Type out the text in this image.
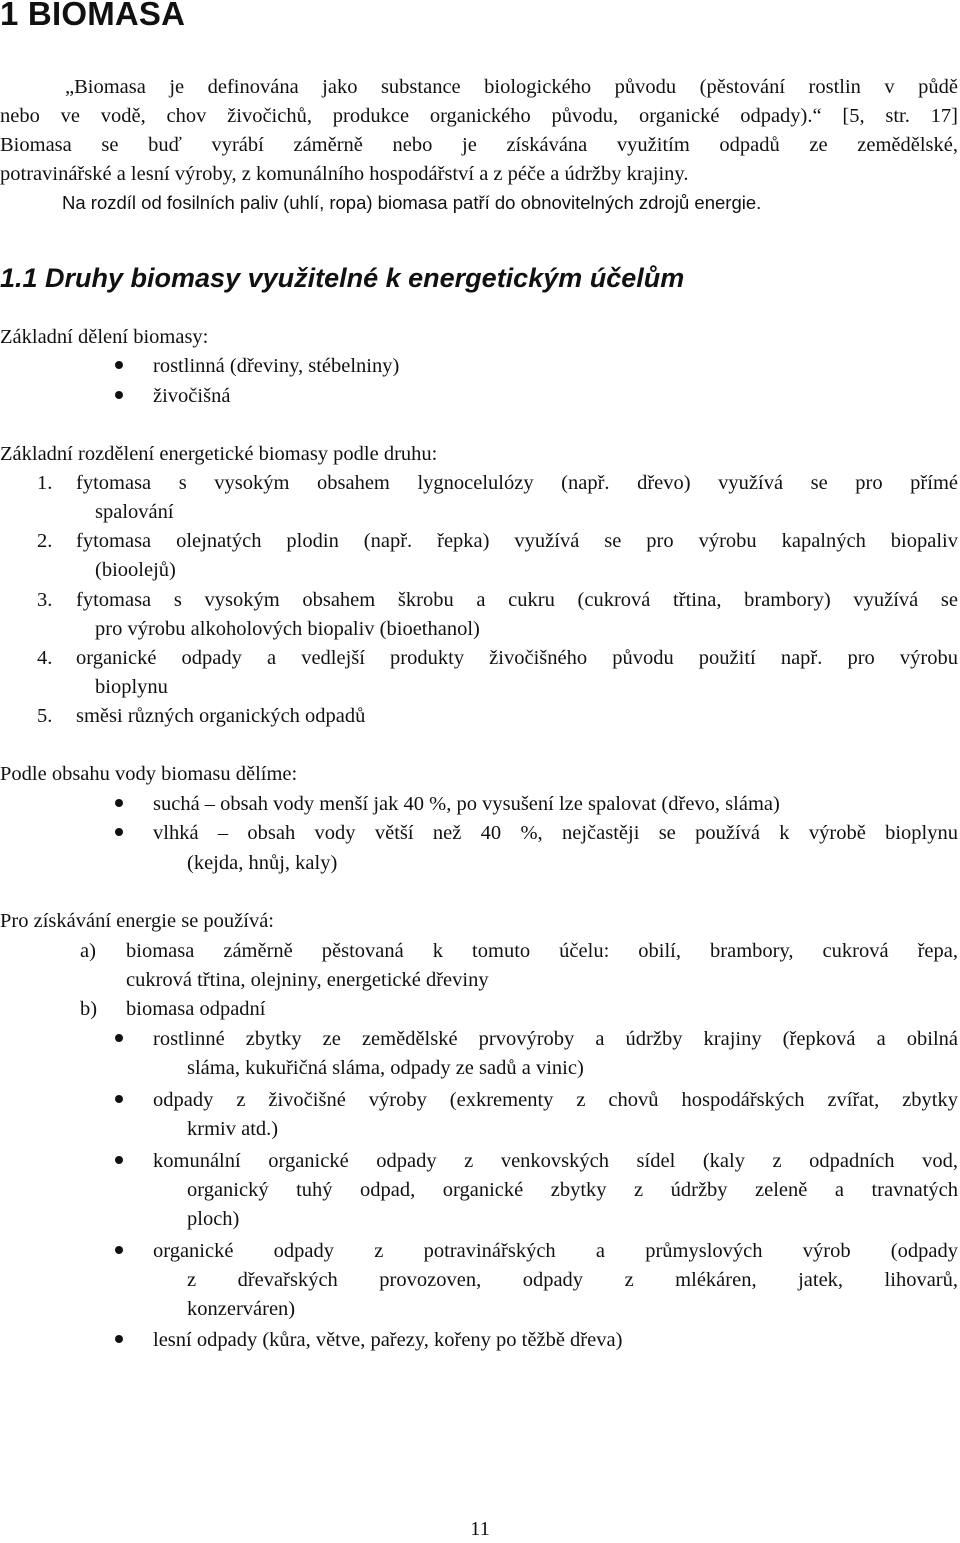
1 BIOMASA
„Biomasa je definována jako substance biologického původu (pěstování rostlin v půdě
nebo ve vodě, chov živočichů, produkce organického původu, organické odpady).“ [5, str. 17]
Biomasa se buď vyrábí záměrně nebo je získávána využitím odpadů ze zemědělské,
potravinářské a lesní výroby, z komunálního hospodářství a z péče a údržby krajiny.
Na rozdíl od fosilních paliv (uhlí, ropa) biomasa patří do obnovitelných zdrojů energie.
1.1 Druhy biomasy využitelné k energetickým účelům
Základní dělení biomasy:
rostlinná (dřeviny, stébelniny)
živočišná
Základní rozdělení energetické biomasy podle druhu:
1. fytomasa s vysokým obsahem lygnocelulózy (např. dřevo) využívá se pro přímé
spalování
2. fytomasa olejnatých plodin (např. řepka) využívá se pro výrobu kapalných biopaliv
(bioolejů)
3. fytomasa s vysokým obsahem škrobu a cukru (cukrová třtina, brambory) využívá se
pro výrobu alkoholových biopaliv (bioethanol)
4. organické odpady a vedlejší produkty živočišného původu použití např. pro výrobu
bioplynu
5. směsi různých organických odpadů
Podle obsahu vody biomasu dělíme:
suchá – obsah vody menší jak 40 %, po vysušení lze spalovat (dřevo, sláma)
vlhká – obsah vody větší než 40 %, nejčastěji se používá k výrobě bioplynu
(kejda, hnůj, kaly)
Pro získávání energie se používá:
a) biomasa záměrně pěstovaná k tomuto účelu: obilí, brambory, cukrová řepa,
cukrová třtina, olejniny, energetické dřeviny
b) biomasa odpadní
rostlinné zbytky ze zemědělské prvovýroby a údržby krajiny (řepková a obilná
sláma, kukuřičná sláma, odpady ze sadů a vinic)
odpady z živočišné výroby (exkrementy z chovů hospodářských zvířat, zbytky
krmiv atd.)
komunální organické odpady z venkovských sídel (kaly z odpadních vod,
organický tuhý odpad, organické zbytky z údržby zeleně a travnatých
ploch)
organické odpady z potravinářských a průmyslových výrob (odpady
z dřevařských provozoven, odpady z mlékáren, jatek, lihovarů,
konzerváren)
lesní odpady (kůra, větve, pařezy, kořeny po těžbě dřeva)
11
